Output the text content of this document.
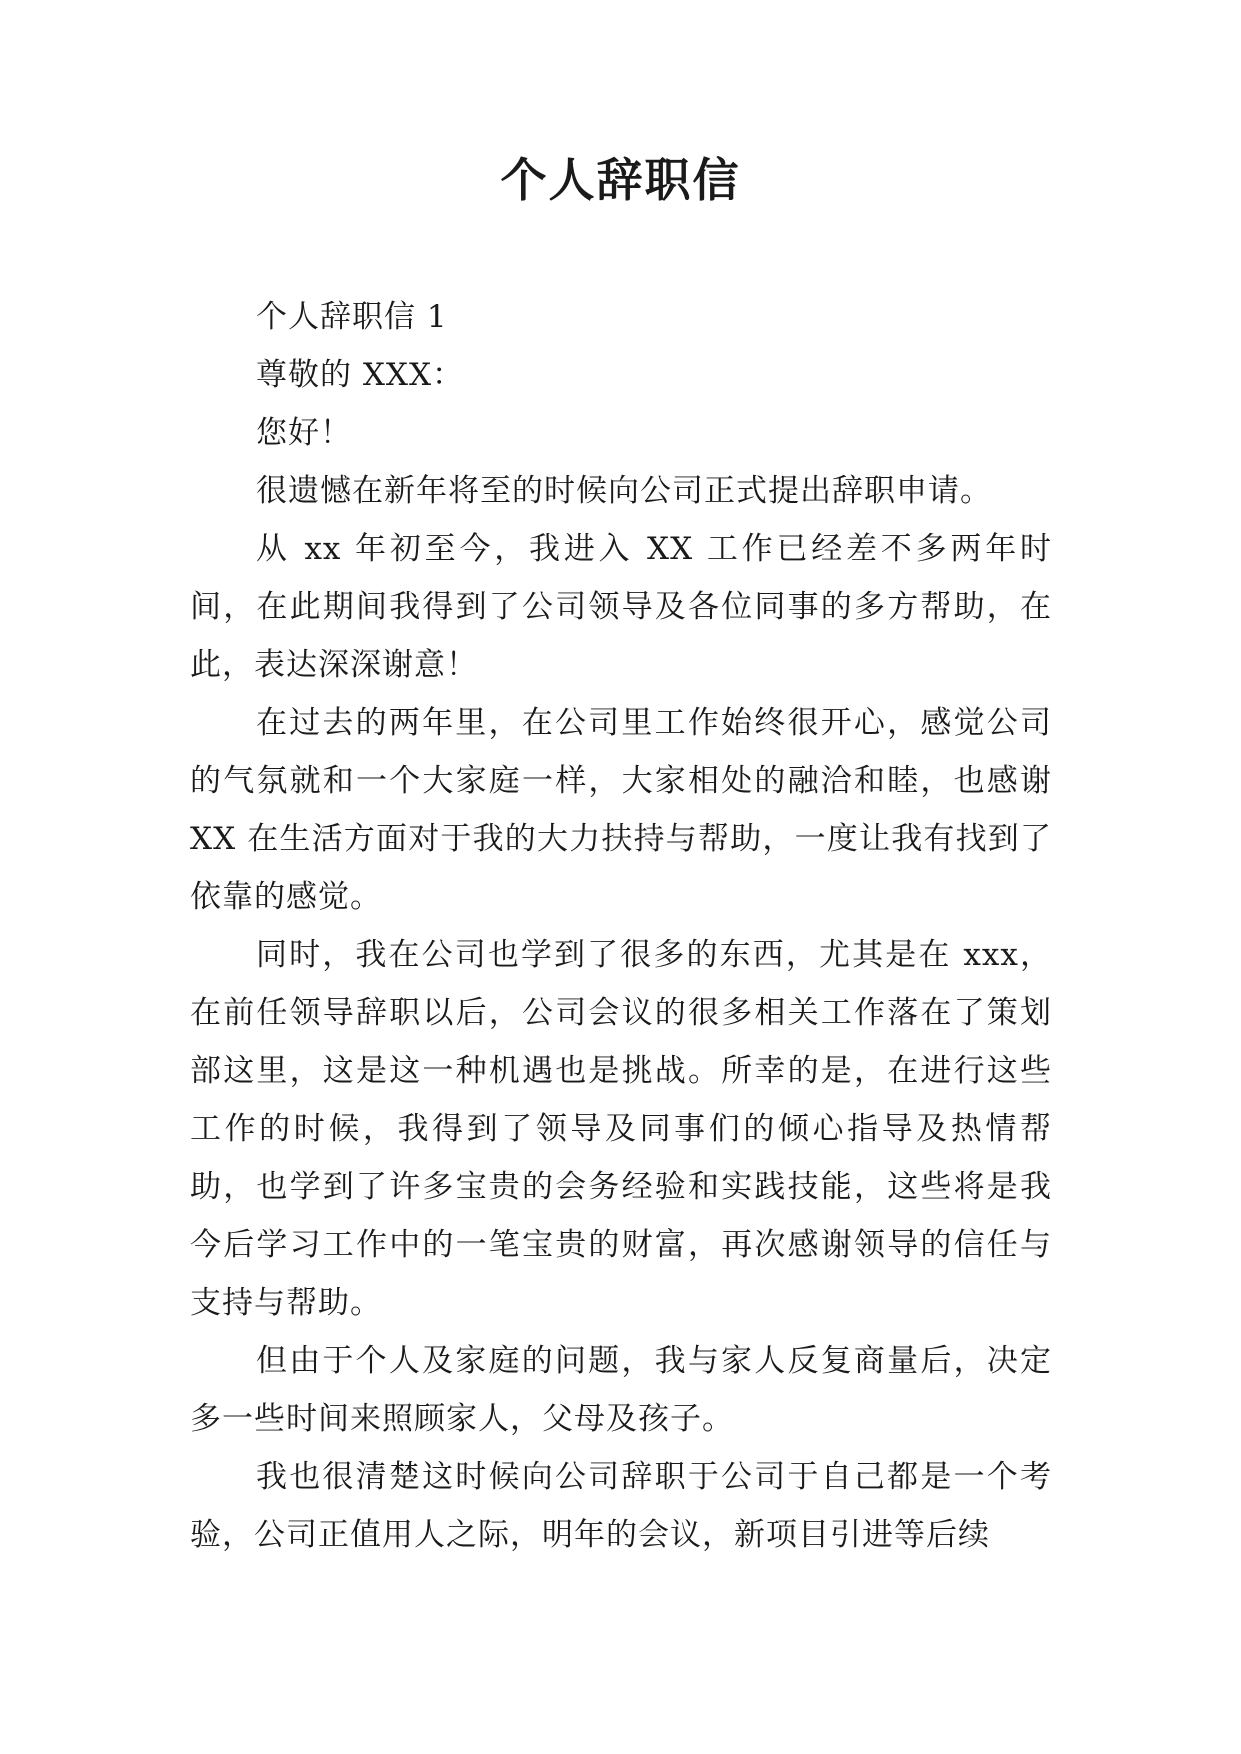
个人辞职信

个人辞职信 1

尊敬的 XXX：

您好！

很遗憾在新年将至的时候向公司正式提出辞职申请。

从 xx 年初至今，我进入 XX 工作已经差不多两年时间，在此期间我得到了公司领导及各位同事的多方帮助，在此，表达深深谢意！

在过去的两年里，在公司里工作始终很开心，感觉公司的气氛就和一个大家庭一样，大家相处的融洽和睦，也感谢 XX 在生活方面对于我的大力扶持与帮助，一度让我有找到了依靠的感觉。

同时，我在公司也学到了很多的东西，尤其是在 xxx，在前任领导辞职以后，公司会议的很多相关工作落在了策划部这里，这是这一种机遇也是挑战。所幸的是，在进行这些工作的时候，我得到了领导及同事们的倾心指导及热情帮助，也学到了许多宝贵的会务经验和实践技能，这些将是我今后学习工作中的一笔宝贵的财富，再次感谢领导的信任与支持与帮助。

但由于个人及家庭的问题，我与家人反复商量后，决定多一些时间来照顾家人，父母及孩子。

我也很清楚这时候向公司辞职于公司于自己都是一个考验，公司正值用人之际，明年的会议，新项目引进等后续
